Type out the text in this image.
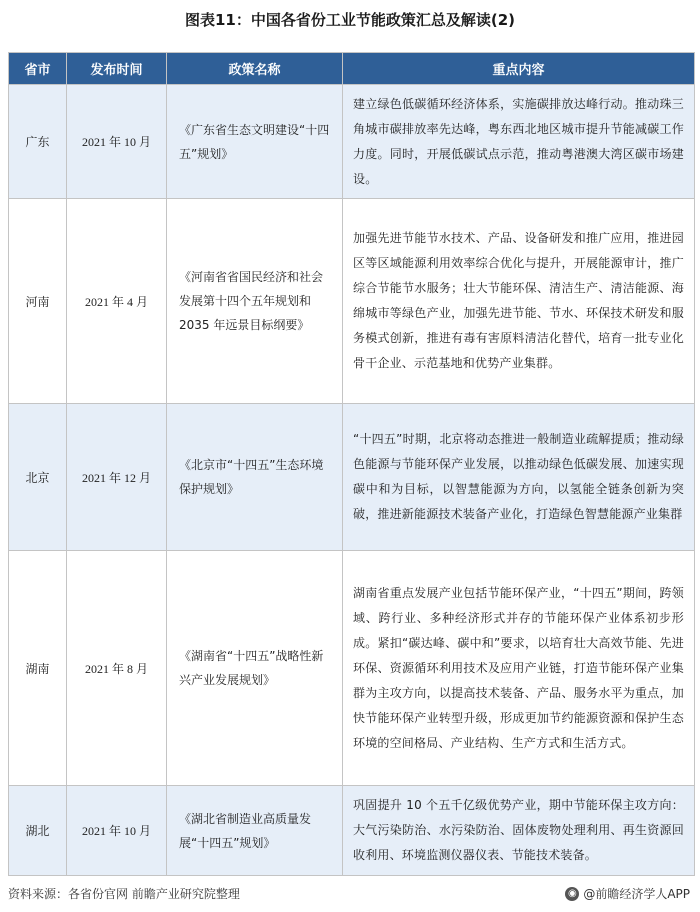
图表11：中国各省份工业节能政策汇总及解读(2)
省市	发布时间	政策名称	重点内容
广东	2021 年 10 月	《广东省生态文明建设“十四五”规划》	建立绿色低碳循环经济体系，实施碳排放达峰行动。推动珠三角城市碳排放率先达峰，粤东西北地区城市提升节能减碳工作力度。同时，开展低碳试点示范，推动粤港澳大湾区碳市场建设。
河南	2021 年 4 月	《河南省省国民经济和社会发展第十四个五年规划和 2035 年远景目标纲要》	加强先进节能节水技术、产品、设备研发和推广应用，推进园区等区域能源利用效率综合优化与提升，开展能源审计，推广综合节能节水服务；壮大节能环保、清洁生产、清洁能源、海绵城市等绿色产业，加强先进节能、节水、环保技术研发和服务模式创新，推进有毒有害原料清洁化替代，培育一批专业化骨干企业、示范基地和优势产业集群。
北京	2021 年 12 月	《北京市“十四五”生态环境保护规划》	“十四五”时期，北京将动态推进一般制造业疏解提质；推动绿色能源与节能环保产业发展，以推动绿色低碳发展、加速实现碳中和为目标，以智慧能源为方向，以氢能全链条创新为突破，推进新能源技术装备产业化，打造绿色智慧能源产业集群
湖南	2021 年 8 月	《湖南省“十四五”战略性新兴产业发展规划》	湖南省重点发展产业包括节能环保产业，“十四五”期间，跨领域、跨行业、多种经济形式并存的节能环保产业体系初步形成。紧扣“碳达峰、碳中和”要求，以培育壮大高效节能、先进环保、资源循环利用技术及应用产业链，打造节能环保产业集群为主攻方向，以提高技术装备、产品、服务水平为重点，加快节能环保产业转型升级，形成更加节约能源资源和保护生态环境的空间格局、产业结构、生产方式和生活方式。
湖北	2021 年 10 月	《湖北省制造业高质量发展“十四五”规划》	巩固提升 10 个五千亿级优势产业，期中节能环保主攻方向：大气污染防治、水污染防治、固体废物处理利用、再生资源回收利用、环境监测仪器仪表、节能技术装备。
资料来源：各省份官网 前瞻产业研究院整理	◉ @前瞻经济学人APP
